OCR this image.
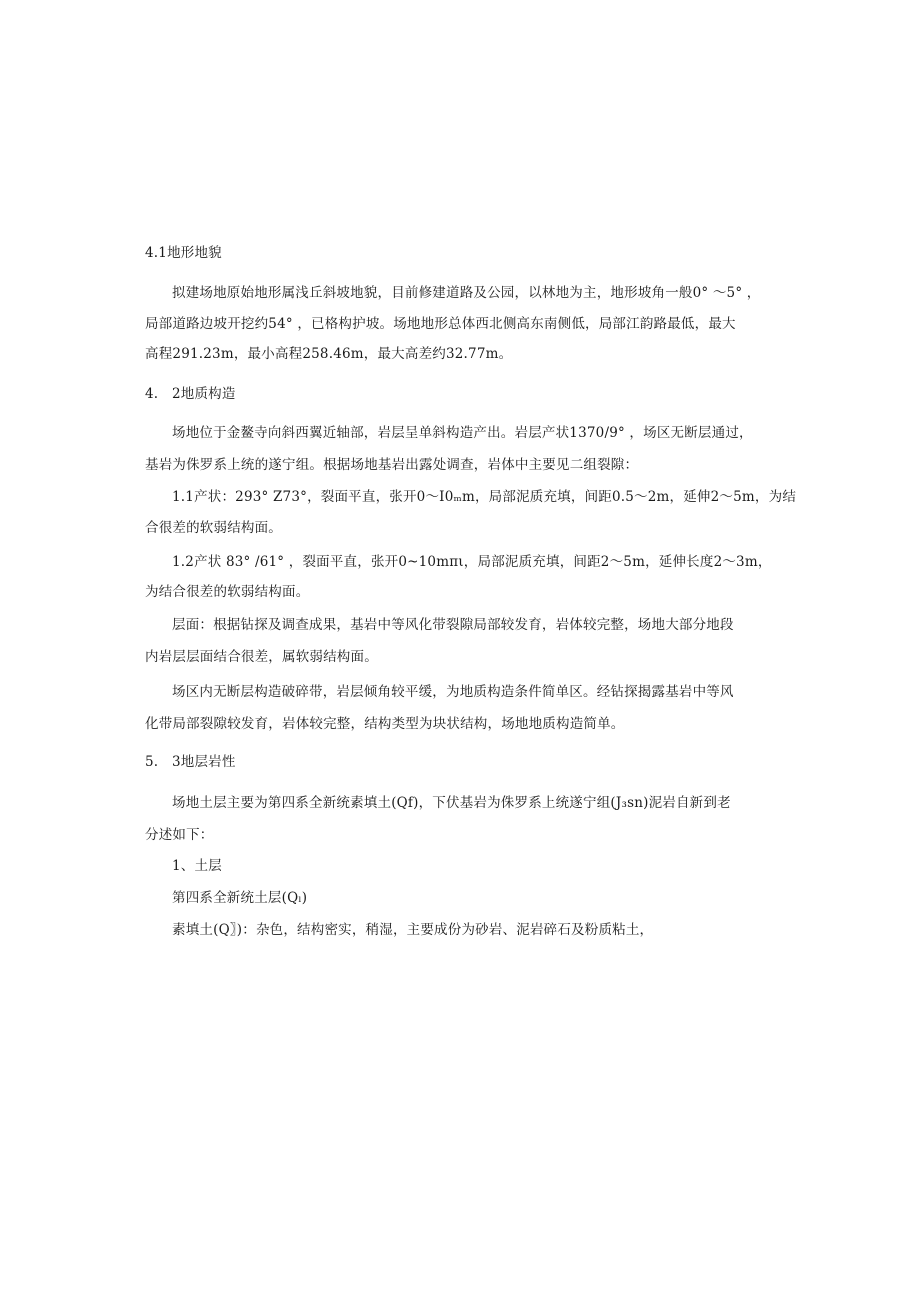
4.1地形地貌
拟建场地原始地形属浅丘斜坡地貌，目前修建道路及公园，以林地为主，地形坡角一般0° ～5° ，
局部道路边坡开挖约54° ，已格构护坡。场地地形总体西北侧高东南侧低，局部江韵路最低，最大
高程291.23m，最小高程258.46m，最大高差约32.77m。
4.　2地质构造
场地位于金鳌寺向斜西翼近轴部，岩层呈单斜构造产出。岩层产状1370/9° ，场区无断层通过，
基岩为侏罗系上统的遂宁组。根据场地基岩出露处调查，岩体中主要见二组裂隙：
1.1产状：293° Z73°，裂面平直，张开0～I0ₘm，局部泥质充填，间距0.5～2m，延伸2～5m，为结
合很差的软弱结构面。
1.2产状 83° /61° ，裂面平直，张开0~10mπι，局部泥质充填，间距2～5m，延伸长度2～3m，
为结合很差的软弱结构面。
层面：根据钻探及调查成果，基岩中等风化带裂隙局部较发育，岩体较完整，场地大部分地段
内岩层层面结合很差，属软弱结构面。
场区内无断层构造破碎带，岩层倾角较平缓，为地质构造条件简单区。经钻探揭露基岩中等风
化带局部裂隙较发育，岩体较完整，结构类型为块状结构，场地地质构造简单。
5.　3地层岩性
场地土层主要为第四系全新统素填土(Qf)，下伏基岩为侏罗系上统遂宁组(J₃sn)泥岩自新到老
分述如下：
1、土层
第四系全新统土层(Qₗ)
素填土(Q〗)：杂色，结构密实，稍湿，主要成份为砂岩、泥岩碎石及粉质粘土，
